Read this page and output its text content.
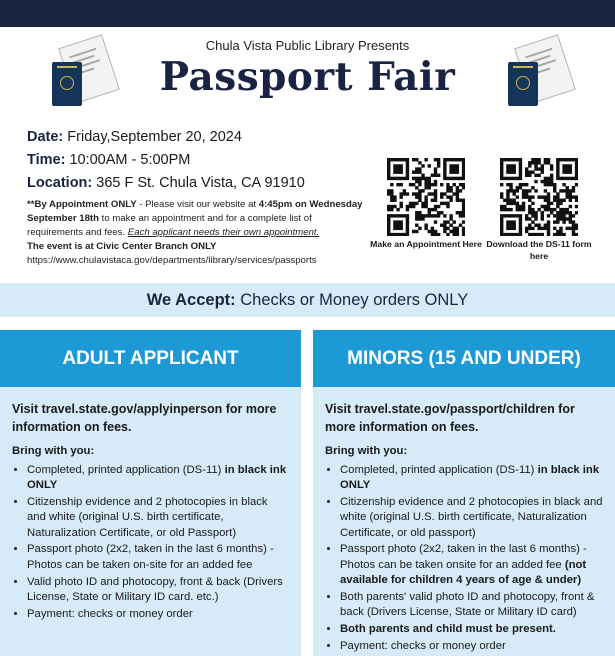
Chula Vista Public Library Presents
Passport Fair
Date: Friday,September 20, 2024
Time: 10:00AM - 5:00PM
Location: 365 F St. Chula Vista, CA 91910
**By Appointment ONLY - Please visit our website at 4:45pm on Wednesday September 18th to make an appointment and for a complete list of requirements and fees. Each applicant needs their own appointment.
The event is at Civic Center Branch ONLY
https://www.chulavistaca.gov/departments/library/services/passports
Make an Appointment Here Download the DS-11 form here
We Accept: Checks or Money orders ONLY
ADULT APPLICANT
Visit travel.state.gov/applyinperson for more information on fees.
Bring with you:
• Completed, printed application (DS-11) in black ink ONLY
• Citizenship evidence and 2 photocopies in black and white (original U.S. birth certificate, Naturalization Certificate, or old Passport)
• Passport photo (2x2, taken in the last 6 months) - Photos can be taken on-site for an added fee
• Valid photo ID and photocopy, front & back (Drivers License, State or Military ID card. etc.)
• Payment: checks or money order
MINORS (15 AND UNDER)
Visit travel.state.gov/passport/children for more information on fees.
Bring with you:
• Completed, printed application (DS-11) in black ink ONLY
• Citizenship evidence and 2 photocopies in black and white (original U.S. birth certificate, Naturalization Certificate, or old passport)
• Passport photo (2x2, taken in the last 6 months) - Photos can be taken onsite for an added fee (not available for children 4 years of age & under)
• Both parents' valid photo ID and photocopy, front & back (Drivers License, State or Military ID card)
• Both parents and child must be present.
• Payment: checks or money order
